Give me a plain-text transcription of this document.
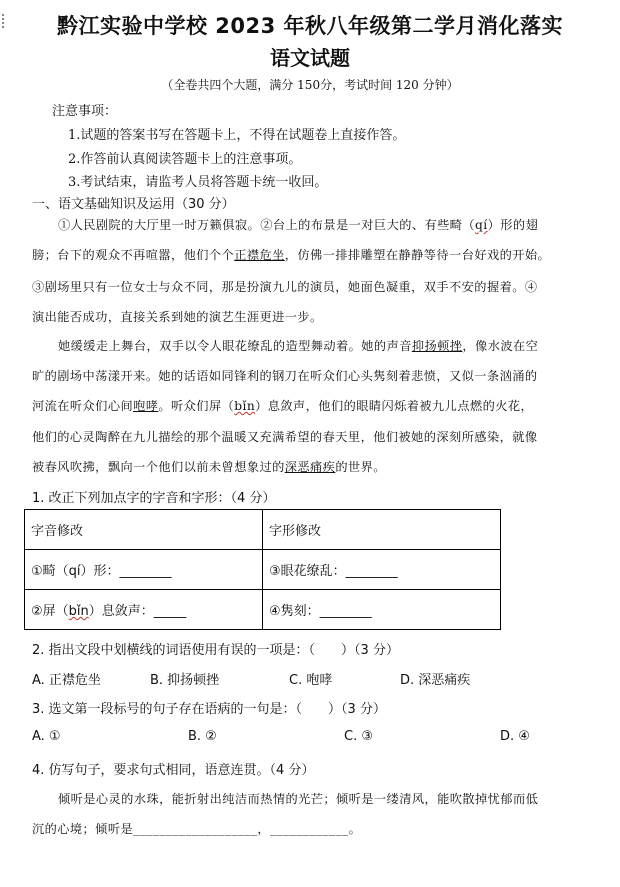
黔江实验中学校 2023 年秋八年级第二学月消化落实
语文试题
（全卷共四个大题，满分 150分，考试时间 120 分钟）
注意事项：
1.试题的答案书写在答题卡上，不得在试题卷上直接作答。
2.作答前认真阅读答题卡上的注意事项。
3.考试结束，请监考人员将答题卡统一收回。
一、语文基础知识及运用（30 分）
①人民剧院的大厅里一时万籁俱寂。②台上的布景是一对巨大的、有些畸（qí）形的翅
膀；台下的观众不再喧嚣，他们个个正襟危坐，仿佛一排排雕塑在静静等待一台好戏的开始。
③剧场里只有一位女士与众不同，那是扮演九儿的演员，她面色凝重，双手不安的握着。④
演出能否成功，直接关系到她的演艺生涯更进一步。
她缓缓走上舞台，双手以令人眼花缭乱的造型舞动着。她的声音抑扬顿挫，像水波在空
旷的剧场中荡漾开来。她的话语如同锋利的钢刀在听众们心头隽刻着悲愤，又似一条汹涌的
河流在听众们心间咆哮。听众们屏（bǐn）息敛声，他们的眼睛闪烁着被九儿点燃的火花，
他们的心灵陶醉在九儿描绘的那个温暖又充满希望的春天里，他们被她的深刻所感染，就像
被春风吹拂，飘向一个他们以前未曾想象过的深恶痛疾的世界。
1. 改正下列加点字的字音和字形：（4 分）
字音修改	字形修改
①畸（qí）形：________	③眼花缭乱：________
②屏（bǐn）息敛声：_____	④隽刻：________
2. 指出文段中划横线的词语使用有误的一项是：（　　）（3 分）
A. 正襟危坐	B. 抑扬顿挫	C. 咆哮	D. 深恶痛疾
3. 选文第一段标号的句子存在语病的一句是：（　　）（3 分）
A. ①	B. ②	C. ③	D. ④
4. 仿写句子，要求句式相同，语意连贯。（4 分）
倾听是心灵的水珠，能折射出纯洁而热情的光芒；倾听是一缕清风，能吹散掉忧郁而低
沉的心境；倾听是___________________，____________。
